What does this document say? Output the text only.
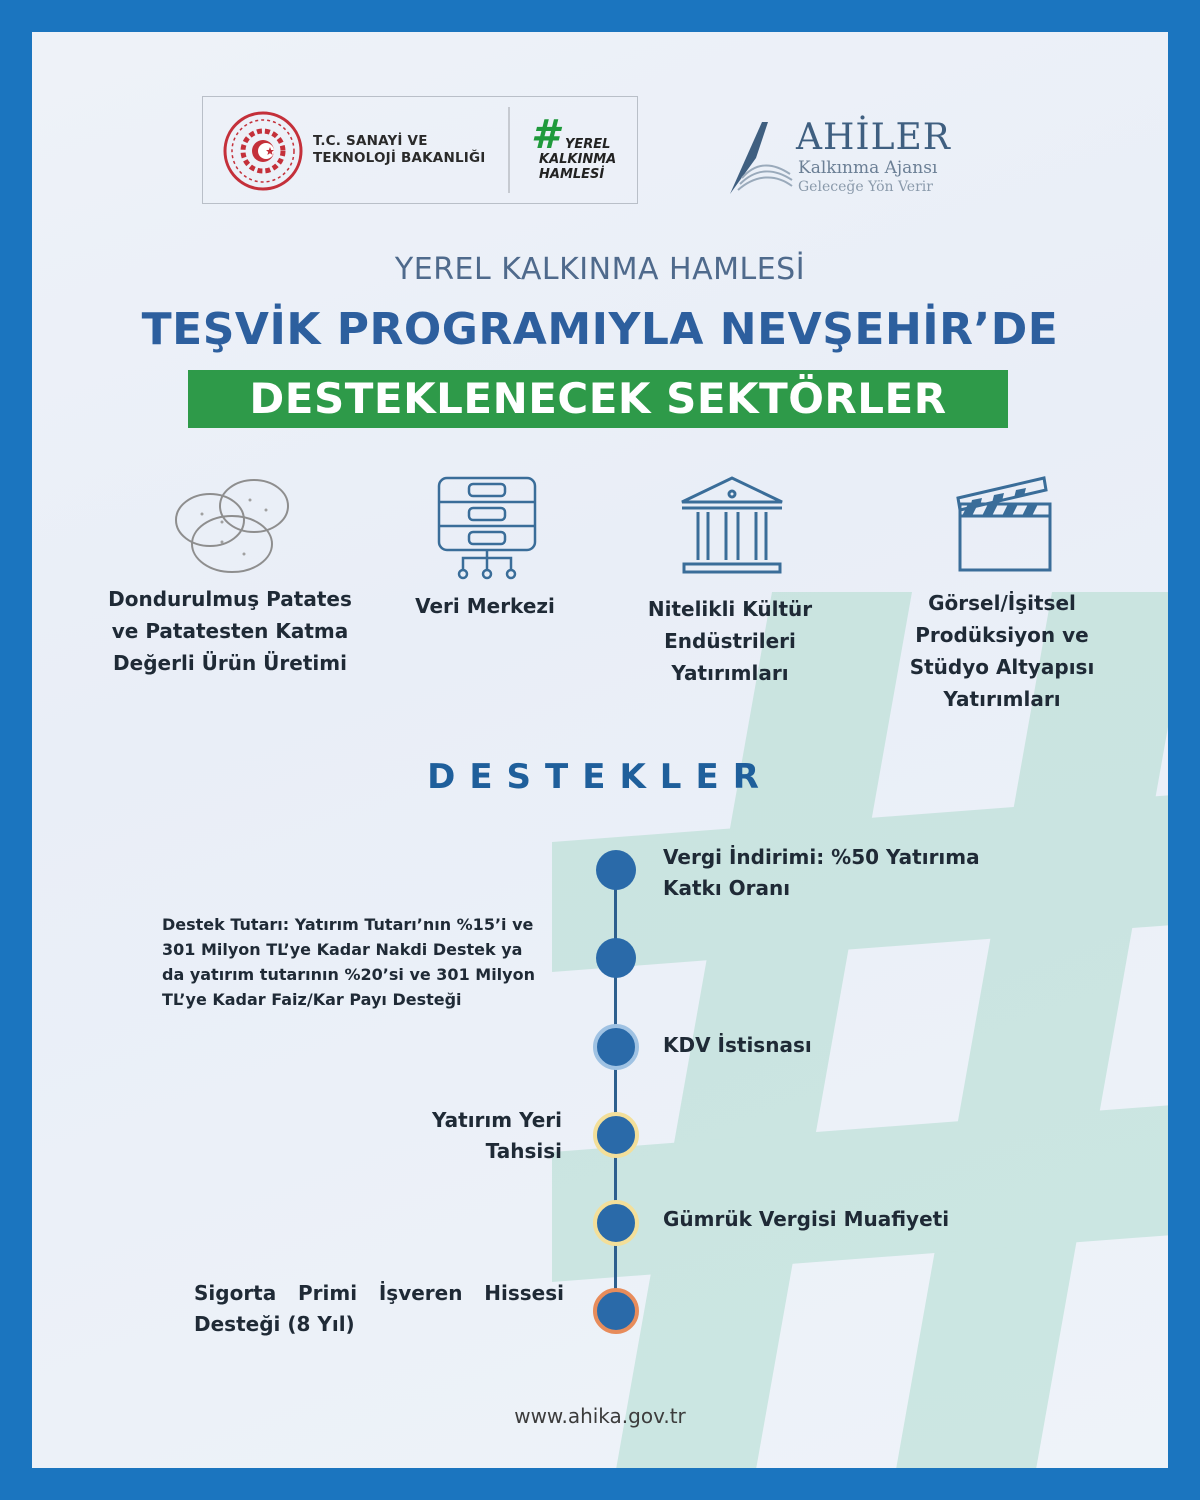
T.C. SANAYİ VE
TEKNOLOJİ BAKANLIĞI	# YEREL
KALKINMA
HAMLESİ
AHİLER
Kalkınma Ajansı
Geleceğe Yön Verir
YEREL KALKINMA HAMLESİ
TEŞVİK PROGRAMIYLA NEVŞEHİR’DE
DESTEKLENECEK SEKTÖRLER
Dondurulmuş Patates
ve Patatesten Katma
Değerli Ürün Üretimi
Veri Merkezi	Nitelikli Kültür
Endüstrileri
Yatırımları
Görsel/İşitsel
Prodüksiyon ve
Stüdyo Altyapısı
Yatırımları
DESTEKLER
Vergi İndirimi: %50 Yatırıma
Katkı Oranı
Destek Tutarı: Yatırım Tutarı’nın %15’i ve
301 Milyon TL’ye Kadar Nakdi Destek ya
da yatırım tutarının %20’si ve 301 Milyon
TL’ye Kadar Faiz/Kar Payı Desteği
KDV İstisnası
Yatırım Yeri
Tahsisi
Gümrük Vergisi Muafiyeti
Sigorta Primi İşveren Hissesi
Desteği (8 Yıl)
www.ahika.gov.tr
